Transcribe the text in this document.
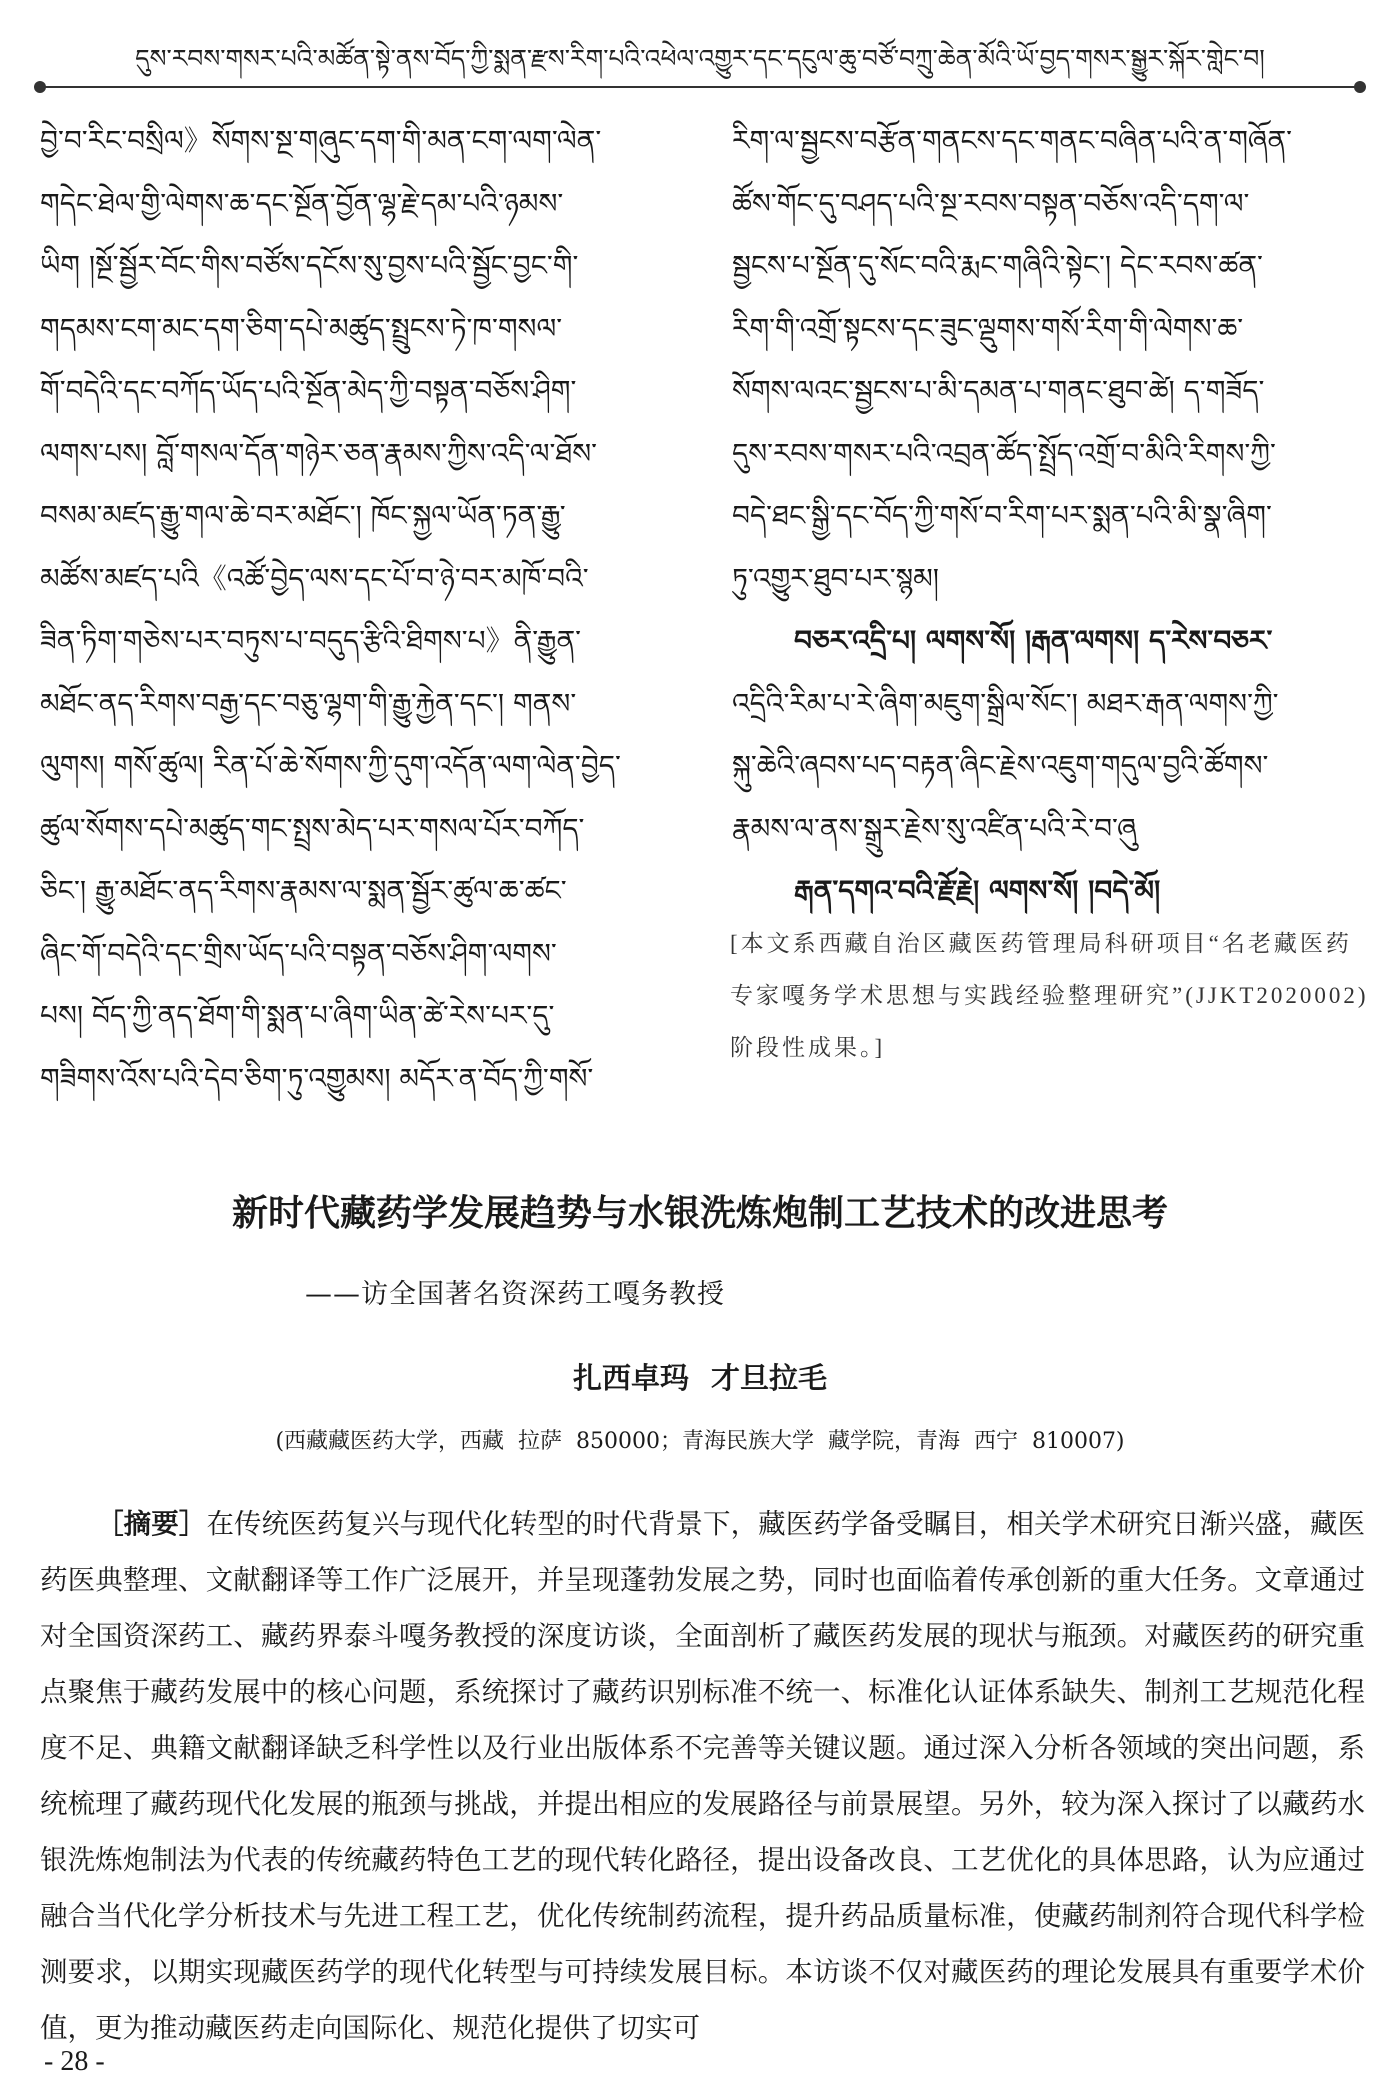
དུས་རབས་གསར་པའི་མཚོན་སྟེ་ནས་བོད་ཀྱི་སྨན་རྫས་རིག་པའི་འཕེལ་འགྱུར་དང་དངུལ་ཆུ་བཙོ་བཀྲུ་ཆེན་མོའི་ཡོ་བྱད་གསར་སྒྱུར་སྐོར་གླེང་བ།
བྱེ་བ་རིང་བསྲིལ》སོགས་སྔ་གཞུང་དག་གི་མན་ངག་ལག་ལེན་
གདེང་ཐེལ་གྱི་ལེགས་ཆ་དང་སྔོན་བྱོན་ལྷ་རྗེ་དམ་པའི་ཉམས་
ཡིག །སྔོ་སྦྱོར་བོང་གིས་བཙོས་དངོས་སུ་བྱས་པའི་སྦྱོང་བྱང་གི་
གདམས་ངག་མང་དག་ཅིག་དཔེ་མཚུད་སྤྲུངས་ཏེ་ཁ་གསལ་
གོ་བདེའི་དང་བཀོད་ཡོད་པའི་སྔོན་མེད་ཀྱི་བསྟན་བཅོས་ཤིག་
ལགས་པས། བློ་གསལ་དོན་གཉེར་ཅན་རྣམས་ཀྱིས་འདི་ལ་ཐོས་
བསམ་མཛད་རྒྱུ་གལ་ཆེ་བར་མཐོང་། ཁོང་སྐྱལ་ཡོན་ཏན་རྒྱུ་
མཚོས་མཛད་པའི《འཚོ་བྱེད་ལས་དང་པོ་བ་ཉེ་བར་མཁོ་བའི་
ཟིན་ཏིག་གཅེས་པར་བཏུས་པ་བདུད་རྩིའི་ཐིགས་པ》ནི་རྒྱུན་
མཐོང་ནད་རིགས་བརྒྱ་དང་བཅུ་ལྷག་གི་རྒྱུ་རྐྱེན་དང་། གནས་
ལུགས། གསོ་ཚུལ། རིན་པོ་ཆེ་སོགས་ཀྱི་དུག་འདོན་ལག་ལེན་བྱེད་
ཚུལ་སོགས་དཔེ་མཚུད་གང་སྤྲས་མེད་པར་གསལ་པོར་བཀོད་
ཅིང་། རྒྱུ་མཐོང་ནད་རིགས་རྣམས་ལ་སྨན་སྦྱོར་ཚུལ་ཆ་ཚང་
ཞིང་གོ་བདེའི་དང་གྲིས་ཡོད་པའི་བསྟན་བཅོས་ཤིག་ལགས་
པས། བོད་ཀྱི་ནད་ཐོག་གི་སྨན་པ་ཞིག་ཡིན་ཚེ་རེས་པར་དུ་
གཟིགས་འོས་པའི་དེབ་ཅིག་ཏུ་འགྱུམས། མདོར་ན་བོད་ཀྱི་གསོ་
རིག་ལ་སྦྱངས་བརྩོན་གནངས་དང་གནང་བཞིན་པའི་ན་གཞོན་
ཚོས་གོང་དུ་བཤད་པའི་སྔ་རབས་བསྟན་བཅོས་འདི་དག་ལ་
སྦྱངས་པ་སྔོན་དུ་སོང་བའི་རྨང་གཞིའི་སྟེང་། དེང་རབས་ཚན་
རིག་གི་འགྲོ་སྟངས་དང་ཟུང་ལྡུགས་གསོ་རིག་གི་ལེགས་ཆ་
སོགས་ལའང་སྦྱངས་པ་མི་དམན་པ་གནང་ཐུབ་ཚེ། ད་གཟོད་
དུས་རབས་གསར་པའི་འབྲན་ཚོད་སྤྲོད་འགྲོ་བ་མིའི་རིགས་ཀྱི་
བདེ་ཐང་སྒྱི་དང་བོད་ཀྱི་གསོ་བ་རིག་པར་སྨན་པའི་མི་སྣ་ཞིག་
ཏུ་འགྱུར་ཐུབ་པར་སྙམ།
བཅར་འདྲི་པ། ལགས་སོ། །རྒན་ལགས། ད་རེས་བཅར་
འདྲིའི་རིམ་པ་རེ་ཞིག་མཇུག་སྒྲིལ་སོང་། མཐར་རྒན་ལགས་ཀྱི་
སྐུ་ཆེའི་ཞབས་པད་བརྟན་ཞིང་རྗེས་འཇུག་གདུལ་བྱའི་ཚོགས་
རྣམས་ལ་ནས་སྒྲུར་རྗེས་སུ་འཛིན་པའི་རེ་བ་ཞུ
རྒན་དགའ་བའི་རྗོ་རྗེ། ལགས་སོ། །བདེ་མོ།
[本文系西藏自治区藏医药管理局科研项目“名老藏医药专家嘎务学术思想与实践经验整理研究”(JJKT2020002)阶段性成果。]
新时代藏药学发展趋势与水银洗炼炮制工艺技术的改进思考
——访全国著名资深药工嘎务教授
扎西卓玛 才旦拉毛
(西藏藏医药大学，西藏  拉萨  850000；青海民族大学  藏学院，青海  西宁  810007)
［摘要］在传统医药复兴与现代化转型的时代背景下，藏医药学备受瞩目，相关学术研究日渐兴盛，藏医药医典整理、文献翻译等工作广泛展开，并呈现蓬勃发展之势，同时也面临着传承创新的重大任务。文章通过对全国资深药工、藏药界泰斗嘎务教授的深度访谈，全面剖析了藏医药发展的现状与瓶颈。对藏医药的研究重点聚焦于藏药发展中的核心问题，系统探讨了藏药识别标准不统一、标准化认证体系缺失、制剂工艺规范化程度不足、典籍文献翻译缺乏科学性以及行业出版体系不完善等关键议题。通过深入分析各领域的突出问题，系统梳理了藏药现代化发展的瓶颈与挑战，并提出相应的发展路径与前景展望。另外，较为深入探讨了以藏药水银洗炼炮制法为代表的传统藏药特色工艺的现代转化路径，提出设备改良、工艺优化的具体思路，认为应通过融合当代化学分析技术与先进工程工艺，优化传统制药流程，提升药品质量标准，使藏药制剂符合现代科学检测要求，以期实现藏医药学的现代化转型与可持续发展目标。本访谈不仅对藏医药的理论发展具有重要学术价值，更为推动藏医药走向国际化、规范化提供了切实可
- 28 -
